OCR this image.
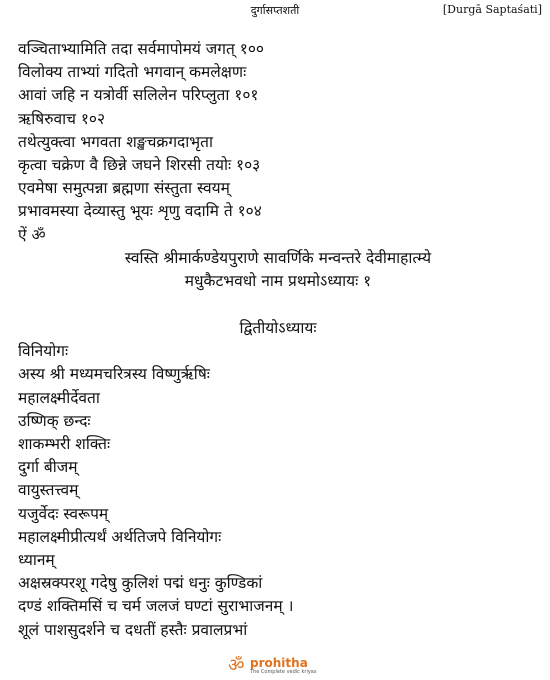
दुर्गासप्तशती	[Durgā Saptaśati]
वञ्चिताभ्यामिति तदा सर्वमापोमयं जगत् १००
विलोक्य ताभ्यां गदितो भगवान् कमलेक्षणः
आवां जहि न यत्रोर्वी सलिलेन परिप्लुता १०१
ऋषिरुवाच १०२
तथेत्युक्त्वा भगवता शङ्खचक्रगदाभृता
कृत्वा चक्रेण वै छिन्ने जघने शिरसी तयोः १०३
एवमेषा समुत्पन्ना ब्रह्मणा संस्तुता स्वयम्
प्रभावमस्या देव्यास्तु भूयः शृणु वदामि ते १०४
ऐं ॐ
स्वस्ति श्रीमार्कण्डेयपुराणे सावर्णिके मन्वन्तरे देवीमाहात्म्ये
मधुकैटभवधो नाम प्रथमोऽध्यायः १
द्वितीयोऽध्यायः
विनियोगः
अस्य श्री मध्यमचरित्रस्य विष्णुर्ऋषिः
महालक्ष्मीर्देवता
उष्णिक् छन्दः
शाकम्भरी शक्तिः
दुर्गा बीजम्
वायुस्तत्त्वम्
यजुर्वेदः स्वरूपम्
महालक्ष्मीप्रीत्यर्थं अर्थतिजपे विनियोगः
ध्यानम्
अक्षस्रक्परशू गदेषु कुलिशं पद्मं धनुः कुण्डिकां
दण्डं शक्तिमसिं च चर्म जलजं घण्टां सुराभाजनम् ।
शूलं पाशसुदर्शने च दधतीं हस्तैः प्रवालप्रभां
ॐ prohitha
The Complete vedic kriyas
